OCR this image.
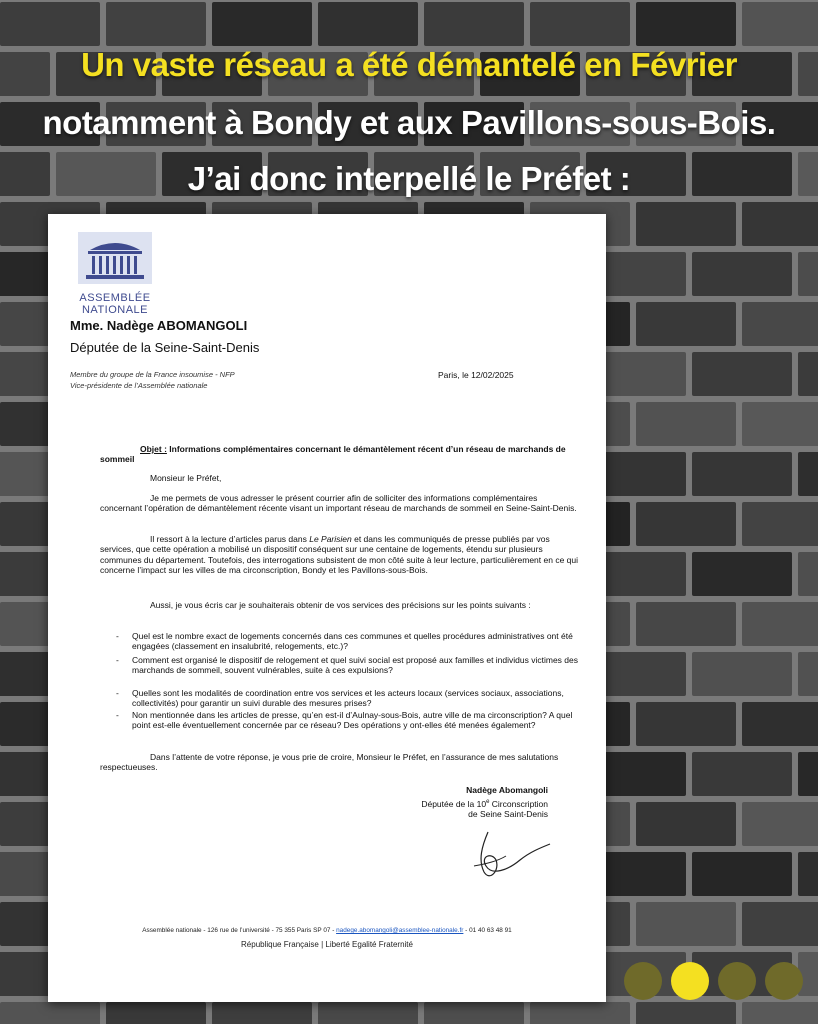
Un vaste réseau a été démantelé en Février
notamment à Bondy et aux Pavillons-sous-Bois.
J’ai donc interpellé le Préfet :
ASSEMBLÉE
NATIONALE
Mme. Nadège ABOMANGOLI
Députée de la Seine-Saint-Denis
Membre du groupe de la France insoumise - NFP
Vice-présidente de l’Assemblée nationale
Paris, le 12/02/2025
Objet : Informations complémentaires concernant le démantèlement récent d’un réseau de marchands de sommeil
Monsieur le Préfet,
Je me permets de vous adresser le présent courrier afin de solliciter des informations complémentaires concernant l’opération de démantèlement récente visant un important réseau de marchands de sommeil en Seine-Saint-Denis.
Il ressort à la lecture d’articles parus dans Le Parisien et dans les communiqués de presse publiés par vos services, que cette opération a mobilisé un dispositif conséquent sur une centaine de logements, étendu sur plusieurs communes du département. Toutefois, des interrogations subsistent de mon côté suite à leur lecture, particulièrement en ce qui concerne l’impact sur les villes de ma circonscription, Bondy et les Pavillons-sous-Bois.
Aussi, je vous écris car je souhaiterais obtenir de vos services des précisions sur les points suivants :
- Quel est le nombre exact de logements concernés dans ces communes et quelles procédures administratives ont été engagées (classement en insalubrité, relogements, etc.)?
- Comment est organisé le dispositif de relogement et quel suivi social est proposé aux familles et individus victimes des marchands de sommeil, souvent vulnérables, suite à ces expulsions?
- Quelles sont les modalités de coordination entre vos services et les acteurs locaux (services sociaux, associations, collectivités) pour garantir un suivi durable des mesures prises?
- Non mentionnée dans les articles de presse, qu’en est-il d’Aulnay-sous-Bois, autre ville de ma circonscription? A quel point est-elle éventuellement concernée par ce réseau? Des opérations y ont-elles été menées également?
Dans l’attente de votre réponse, je vous prie de croire, Monsieur le Préfet, en l’assurance de mes salutations respectueuses.
Nadège Abomangoli
Députée de la 10e Circonscription
de Seine Saint-Denis
Assemblée nationale - 126 rue de l’université - 75 355 Paris SP 07 - nadege.abomangoli@assemblee-nationale.fr - 01 40 63 48 91
République Française | Liberté Egalité Fraternité
